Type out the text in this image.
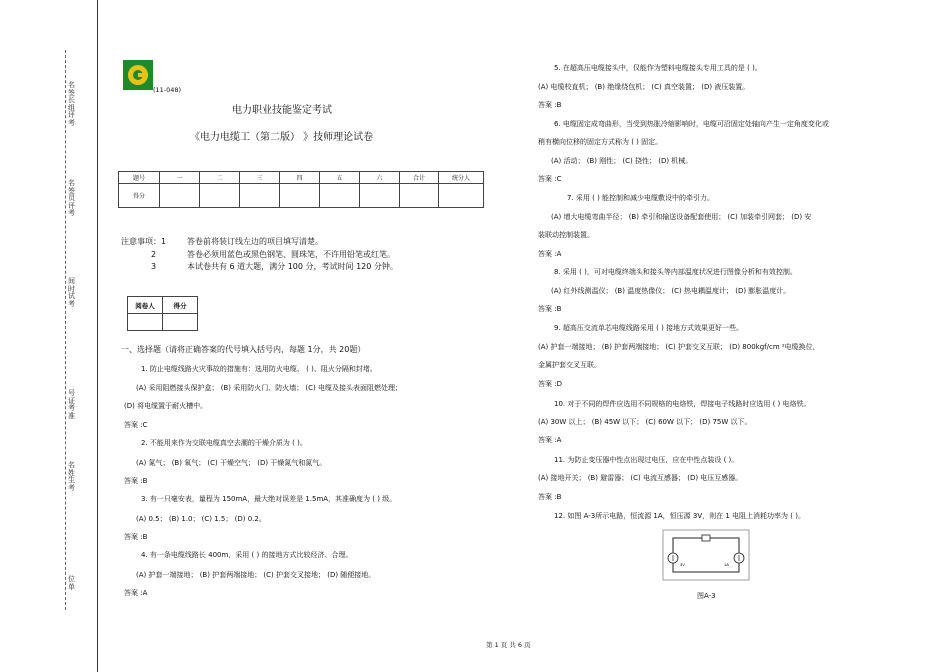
名
签
长
组
评
考
名
签
员
评
考
间
时
试
考
号
证
考
准
名
姓
生
考
位
单
(11-048)
电力职业技能鉴定考试
《电力电缆工（第二版） 》技师理论试卷
题号	一	二	三	四	五	六	合计	统分人
得分								
注意事项：1	答卷前将装订线左边的项目填写清楚。
2	答卷必须用蓝色或黑色钢笔、圆珠笔，不许用铅笔或红笔。
3	本试卷共有 6 道大题，满分 100 分，考试时间 120 分钟。
阅卷人	得分

一、选择题（请将正确答案的代号填入括号内，每题 1分，共 20题）
1. 防止电缆线路火灾事故的措施有：选用防火电缆、 ( )、阻火分隔和封堵。
(A) 采用阻燃接头保护盒； (B) 采用防火门、防火墙； (C) 电缆及接头表面阻燃处理；
(D) 将电缆置于耐火槽中。
答案 :C
2. 不能用来作为交联电缆真空去潮的干燥介质为 ( )。
(A) 氮气； (B) 氧气； (C) 干燥空气； (D) 干燥氮气和氮气。
答案 :B
3. 有一只毫安表，量程为 150mA，最大绝对误差是 1.5mA，其准确度为 ( ) 级。
(A) 0.5； (B) 1.0； (C) 1.5； (D) 0.2。
答案 :B
4. 有一条电缆线路长 400m，采用 ( ) 的接地方式比较经济、合理。
(A) 护套一端接地； (B) 护套两端接地； (C) 护套交叉接地； (D) 随便接地。
答案 :A
5. 在超高压电缆接头中，仅能作为塑料电缆接头专用工具的是 ( )。
(A) 电缆校直机； (B) 绝缘绕包机； (C) 真空装置； (D) 液压装置。
答案 :B
6. 电缆固定成弯曲形，当受到热胀冷缩影响时，电缆可沿固定处轴向产生一定角度变化或
稍有横向位移的固定方式称为 ( ) 固定。
(A) 活动； (B) 刚性； (C) 挠性； (D) 机械。
答案 :C
7. 采用 ( ) 能控制和减少电缆敷设中的牵引力。
(A) 增大电缆弯曲半径； (B) 牵引和输送设备配套使用； (C) 加装牵引网套； (D) 安
装联动控制装置。
答案 :A
8. 采用 ( )，可对电缆终端头和接头等内部温度状况进行图像分析和有效控制。
(A) 红外线测温仪； (B) 温度热像仪； (C) 热电耦温度计； (D) 膨胀温度计。
答案 :B
9. 超高压交流单芯电缆线路采用 ( ) 接地方式效果更好一些。
(A) 护套一端接地； (B) 护套两端接地； (C) 护套交叉互联； (D) 800kgf/cm ²电缆换位，
金属护套交叉互联。
答案 :D
10. 对于不同的焊件应选用不同规格的电烙铁，焊接电子线路时应选用 ( ) 电烙铁。
(A) 30W 以上； (B) 45W 以下； (C) 60W 以下； (D) 75W 以下。
答案 :A
11. 为防止变压器中性点出现过电压，应在中性点装设 ( )。
(A) 接地开关； (B) 避雷器； (C) 电流互感器； (D) 电压互感器。
答案 :B
12. 如图 A-3所示电路，恒流源 1A，恒压源 3V，则在 1 电阻上消耗功率为 ( )。
3V	1A
图A-3
第 1 页 共 6 页
